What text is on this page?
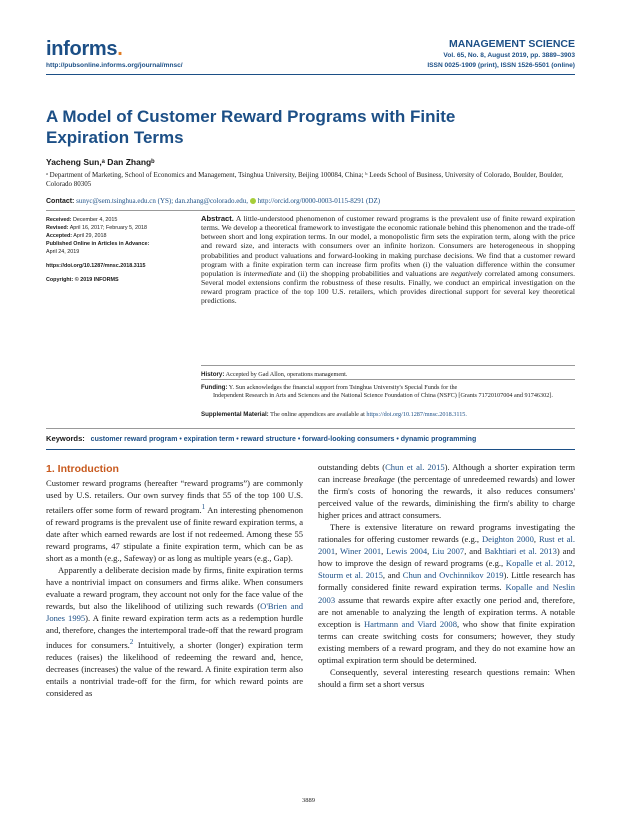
informs.
http://pubsonline.informs.org/journal/mnsc/
MANAGEMENT SCIENCE
Vol. 65, No. 8, August 2019, pp. 3889–3903
ISSN 0025-1909 (print), ISSN 1526-5501 (online)
A Model of Customer Reward Programs with Finite
Expiration Terms
Yacheng Sun,ᵃ Dan Zhangᵇ
ᵃ Department of Marketing, School of Economics and Management, Tsinghua University, Beijing 100084, China; ᵇ Leeds School of Business, University of Colorado, Boulder, Boulder, Colorado 80305
Contact: sunyc@sem.tsinghua.edu.cn (YS); dan.zhang@colorado.edu, http://orcid.org/0000-0003-0115-8291 (DZ)

Received: December 4, 2015

Revised: April 16, 2017; February 5, 2018

Accepted: April 29, 2018

Published Online in Articles in Advance:

April 24, 2019

https://doi.org/10.1287/mnsc.2018.3115

Copyright: © 2019 INFORMS

Abstract. A little-understood phenomenon of customer reward programs is the prevalent use of finite reward expiration terms. We develop a theoretical framework to investigate the economic rationale behind this phenomenon and the trade-off between short and long expiration terms. In our model, a monopolistic firm sets the expiration term, along with the price and reward size, and interacts with consumers over an infinite horizon. Consumers are heterogeneous in shopping probabilities and product valuations and forward-looking in making purchase decisions. We find that a customer reward program with a finite expiration term can increase firm profits when (i) the valuation difference within the consumer population is intermediate and (ii) the shopping probabilities and valuations are negatively correlated among consumers. Several model extensions confirm the robustness of these results. Finally, we conduct an empirical investigation on the reward program practice of the top 100 U.S. retailers, which provides directional support for several key theoretical predictions.
History: Accepted by Gad Allon, operations management.
Funding: Y. Sun acknowledges the financial support from Tsinghua University's Special Funds for the
Independent Research in Arts and Sciences and the National Science Foundation of China (NSFC) [Grants 71720107004 and 91746302].
Supplemental Material: The online appendices are available at https://doi.org/10.1287/mnsc.2018.3115.
Keywords: customer reward program • expiration term • reward structure • forward-looking consumers • dynamic programming
1. Introduction

Customer reward programs (hereafter “reward programs”) are commonly used by U.S. retailers. Our own survey finds that 55 of the top 100 U.S. retailers offer some form of reward program.$^1$ An interesting phenomenon of reward programs is the prevalent use of finite reward expiration terms, a date after which earned rewards are lost if not redeemed. Among these 55 reward programs, 47 stipulate a finite expiration term, which can be as short as a month (e.g., Safeway) or as long as multiple years (e.g., Gap).

Apparently a deliberate decision made by firms, finite expiration terms have a nontrivial impact on consumers and firms alike. When consumers evaluate a reward program, they account not only for the face value of the rewards, but also the likelihood of utilizing such rewards (O'Brien and Jones 1995). A finite reward expiration term acts as a redemption hurdle and, therefore, changes the intertemporal trade-off that the reward program induces for consumers.$^2$ Intuitively, a shorter (longer) expiration term reduces (raises) the likelihood of redeeming the reward and, hence, decreases (increases) the value of the reward. A finite expiration term also entails a nontrivial trade-off for the firm, for which reward points are considered as

outstanding debts (Chun et al. 2015). Although a shorter expiration term can increase breakage (the percentage of unredeemed rewards) and lower the firm's costs of honoring the rewards, it also reduces consumers' perceived value of the rewards, diminishing the firm's ability to charge higher prices and attract consumers.

There is extensive literature on reward programs investigating the rationales for offering customer rewards (e.g., Deighton 2000, Rust et al. 2001, Winer 2001, Lewis 2004, Liu 2007, and Bakhtiari et al. 2013) and how to improve the design of reward programs (e.g., Kopalle et al. 2012, Stourm et al. 2015, and Chun and Ovchinnikov 2019). Little research has formally considered finite reward expiration terms. Kopalle and Neslin 2003 assume that rewards expire after exactly one period and, therefore, are not amenable to analyzing the length of expiration terms. A notable exception is Hartmann and Viard 2008, who show that finite expiration terms can create switching costs for consumers; however, they study existing members of a reward program, and they do not examine how an optimal expiration term should be determined.

Consequently, several interesting research questions remain: When should a firm set a short versus

3889
